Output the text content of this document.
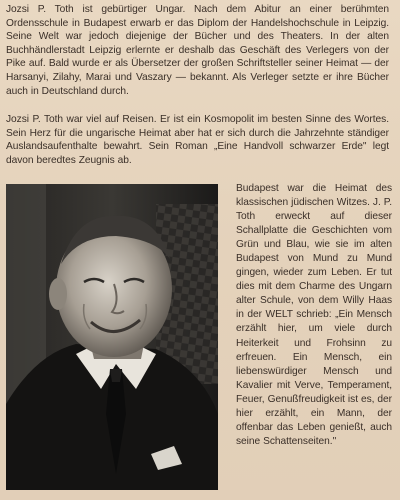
Jozsi P. Toth ist gebürtiger Ungar. Nach dem Abitur an einer berühmten Ordensschule in Budapest erwarb er das Diplom der Handelshochschule in Leipzig. Seine Welt war jedoch diejenige der Bücher und des Theaters. In der alten Buchhändlerstadt Leipzig erlernte er deshalb das Geschäft des Verlegers von der Pike auf. Bald wurde er als Übersetzer der großen Schriftsteller seiner Heimat — der Harsanyi, Zilahy, Marai und Vaszary — bekannt. Als Verleger setzte er ihre Bücher auch in Deutschland durch.

Jozsi P. Toth war viel auf Reisen. Er ist ein Kosmopolit im besten Sinne des Wortes. Sein Herz für die ungarische Heimat aber hat er sich durch die Jahrzehnte ständiger Auslandsaufenthalte bewahrt. Sein Roman „Eine Handvoll schwarzer Erde" legt davon beredtes Zeugnis ab.

Budapest war die Heimat des klassischen jüdischen Witzes. J. P. Toth erweckt auf dieser Schallplatte die Geschichten vom Grün und Blau, wie sie im alten Budapest von Mund zu Mund gingen, wieder zum Leben. Er tut dies mit dem Charme des Ungarn alter Schule, von dem Willy Haas in der WELT schrieb: „Ein Mensch erzählt hier, um viele durch Heiterkeit und Frohsinn zu erfreuen. Ein Mensch, ein liebenswürdiger Mensch und Kavalier mit Verve, Temperament, Feuer, Genußfreudigkeit ist es, der hier erzählt, ein Mann, der offenbar das Leben genießt, auch seine Schattenseiten."
